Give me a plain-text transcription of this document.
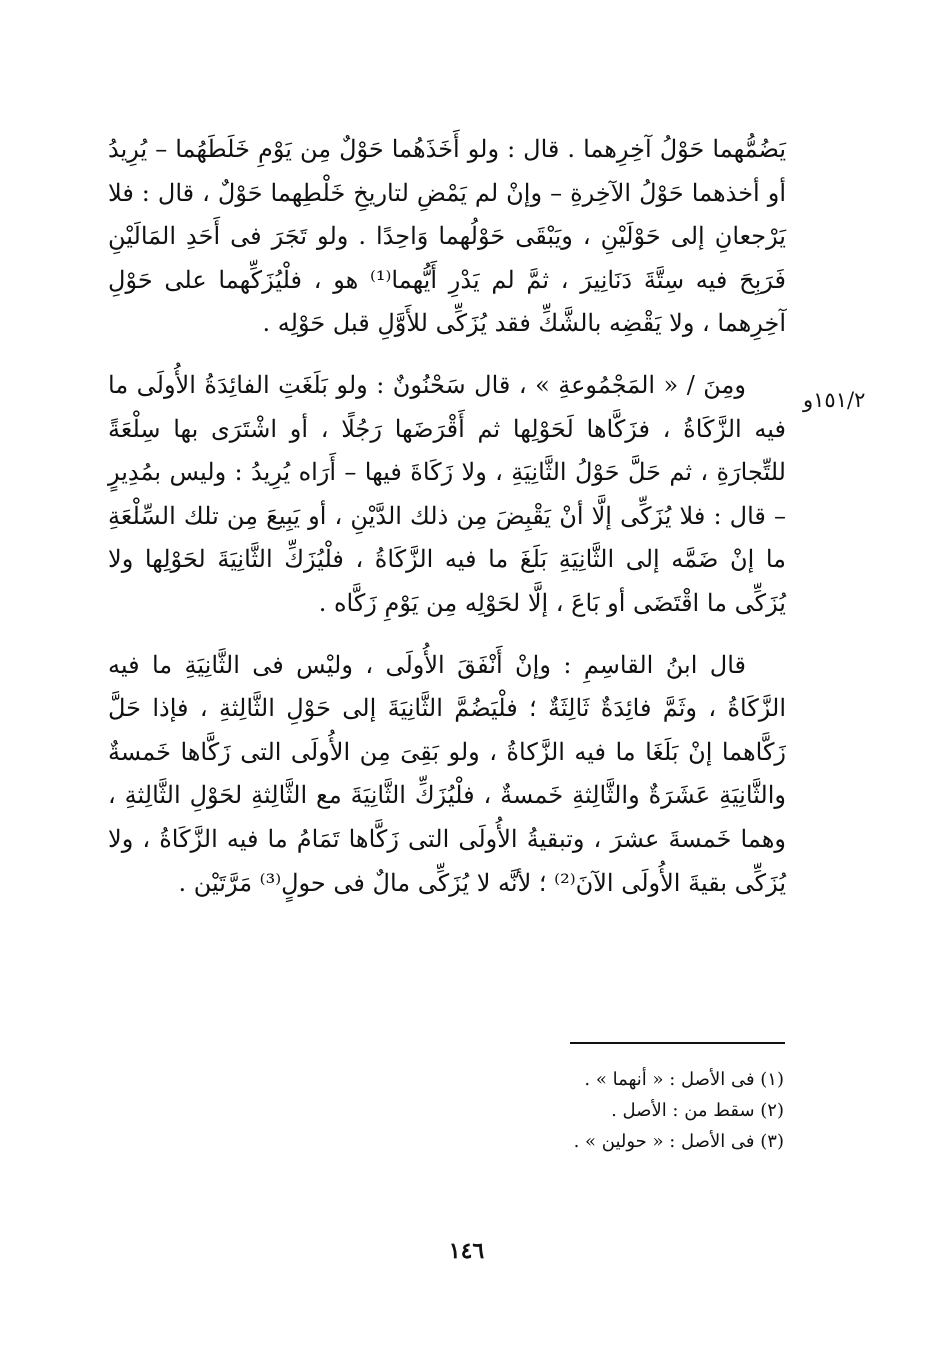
يَضُمُّهما حَوْلُ آخِرِهما . قال : ولو أَخَذَهُما حَوْلٌ مِن يَوْمِ خَلَطَهُما – يُرِيدُ أو أخذهما حَوْلُ الآخِرةِ – وإنْ لم يَمْضِ لتاريخِ خَلْطِهما حَوْلٌ ، قال : فلا يَرْجعانِ إلى حَوْلَيْنِ ، ويَبْقَى حَوْلُهما وَاحِدًا . ولو تَجَرَ فى أَحَدِ المَالَيْنِ فَرَبِحَ فيه سِتَّةَ دَنَانِيرَ ، ثمَّ لم يَدْرِ أَيُّهما⁽¹⁾ هو ، فلْيُزَكِّهما على حَوْلِ آخِرِهما ، ولا يَقْضِه بالشَّكِّ فقد يُزَكِّى للأَوَّلِ قبل حَوْلِه .

ومِنَ / « المَجْمُوعةِ » ، قال سَحْنُونٌ : ولو بَلَغَتِ الفائِدَةُ الأُولَى ما فيه الزَّكَاةُ ، فزَكَّاها لَحَوْلِها ثم أَقْرَضَها رَجُلًا ، أو اشْتَرَى بها سِلْعَةً للتِّجارَةِ ، ثم حَلَّ حَوْلُ الثَّانِيَةِ ، ولا زَكَاةَ فيها – أَرَاه يُرِيدُ : وليس بمُدِيرٍ – قال : فلا يُزَكِّى إلَّا أنْ يَقْبِضَ مِن ذلك الدَّيْنِ ، أو يَبِيعَ مِن تلك السِّلْعَةِ ما إنْ ضَمَّه إلى الثَّانِيَةِ بَلَغَ ما فيه الزَّكَاةُ ، فلْيُزَكِّ الثَّانِيَةَ لحَوْلِها ولا يُزَكِّى ما اقْتَضَى أو بَاعَ ، إلَّا لحَوْلِه مِن يَوْمِ زَكَّاه .

قال ابنُ القاسِمِ : وإنْ أَنْفَقَ الأُولَى ، وليْس فى الثَّانِيَةِ ما فيه الزَّكَاةُ ، وثَمَّ فائِدَةٌ ثَالِثَةٌ ؛ فلْيَضُمَّ الثَّانِيَةَ إلى حَوْلِ الثَّالِثةِ ، فإذا حَلَّ زَكَّاهما إنْ بَلَغَا ما فيه الزَّكاةُ ، ولو بَقِىَ مِن الأُولَى التى زَكَّاها خَمسةٌ والثَّانِيَةِ عَشَرَةٌ والثَّالِثةِ خَمسةٌ ، فلْيُزَكِّ الثَّانِيَةَ مع الثَّالِثةِ لحَوْلِ الثَّالِثةِ ، وهما خَمسةَ عشرَ ، وتبقيةُ الأُولَى التى زَكَّاها تَمَامُ ما فيه الزَّكَاةُ ، ولا يُزَكِّى بقيةَ الأُولَى الآنَ⁽²⁾ ؛ لأنَّه لا يُزَكِّى مالٌ فى حولٍ⁽³⁾ مَرَّتَيْن .

١٥١/٢و

(١) فى الأصل : « أنهما » .

(٢) سقط من : الأصل .

(٣) فى الأصل : « حولين » .

١٤٦
